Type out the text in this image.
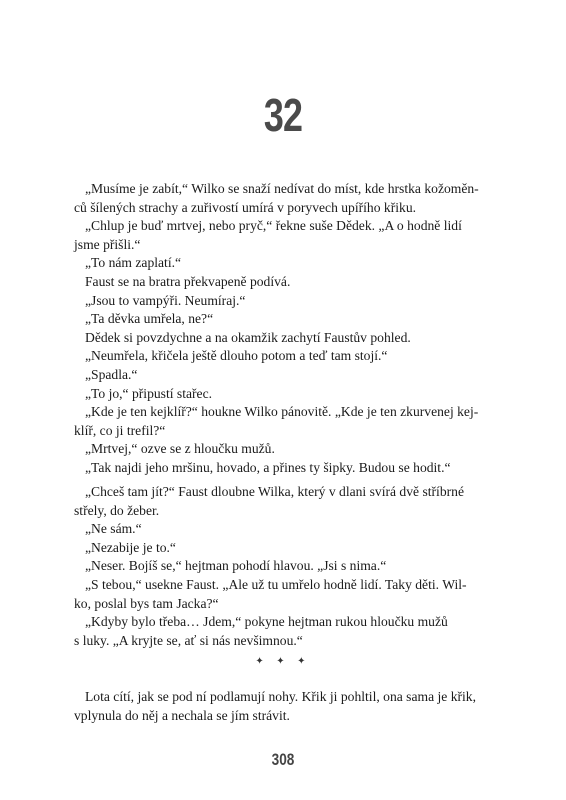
32

„Musíme je zabít,“ Wilko se snaží nedívat do míst, kde hrstka kožoměn-
ců šílených strachy a zuřivostí umírá v poryvech upířího křiku.

„Chlup je buď mrtvej, nebo pryč,“ řekne suše Dědek. „A o hodně lidí
jsme přišli.“

„To nám zaplatí.“

Faust se na bratra překvapeně podívá.

„Jsou to vampýři. Neumíraj.“

„Ta děvka umřela, ne?“

Dědek si povzdychne a na okamžik zachytí Faustův pohled.

„Neumřela, křičela ještě dlouho potom a teď tam stojí.“

„Spadla.“

„To jo,“ připustí stařec.

„Kde je ten kejklíř?“ houkne Wilko pánovitě. „Kde je ten zkurvenej kej-
klíř, co ji trefil?“

„Mrtvej,“ ozve se z hloučku mužů.

„Tak najdi jeho mršinu, hovado, a přines ty šipky. Budou se hodit.“

„Chceš tam jít?“ Faust dloubne Wilka, který v dlani svírá dvě stříbrné
střely, do žeber.

„Ne sám.“

„Nezabije je to.“

„Neser. Bojíš se,“ hejtman pohodí hlavou. „Jsi s nima.“

„S tebou,“ usekne Faust. „Ale už tu umřelo hodně lidí. Taky děti. Wil-
ko, poslal bys tam Jacka?“

„Kdyby bylo třeba… Jdem,“ pokyne hejtman rukou hloučku mužů
s luky. „A kryjte se, ať si nás nevšimnou.“

✦ ✦ ✦

Lota cítí, jak se pod ní podlamují nohy. Křik ji pohltil, ona sama je křik,
vplynula do něj a nechala se jím strávit.

308
